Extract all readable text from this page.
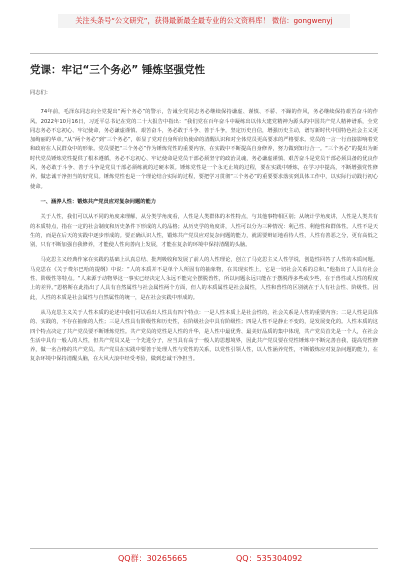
关注头条号“公文研究”，获得最新最全最专业的公文资料库！ 微信：gongwenyj
党课：牢记“三个务必” 锤炼坚强党性

同志们：

74年前，毛泽东同志向全党提出“两个务必”的警示，告诫全党同志务必继续保持谦虚、谨慎、不骄、不躁的作风，务必继续保持艰苦奋斗的作风。2022年10月16日，习近平总书记在党的二十大报告中指出：“我们党在百年奋斗中凝练出以伟大建党精神为源头的中国共产党人精神谱系，全党同志务必不忘初心、牢记使命，务必谦虚谨慎、艰苦奋斗，务必敢于斗争、善于斗争，坚定历史自信，增强历史主动，谱写新时代中国特色社会主义更加绚丽的华章。”从“两个务必”到“三个务必”，彰显了党对自身所肩负使命的清醒认识和对全体党员更高要求的严格要求。党员的一言一行直接影响着党和政府在人民群众中的形象。党员要把“三个务必”作为锤炼党性的重要内容，在实践中不断提高自身修养，努力做到知行合一。“三个务必”的提出为新时代党员锤炼党性提供了根本遵循，务必不忘初心、牢记使命是党员干部必须坚守的政治灵魂，务必谦虚谨慎、艰苦奋斗是党员干部必须具备的优良作风，务必敢于斗争、善于斗争是党员干部必须练就的过硬本领。锤炼党性是一个永无止境的过程，要在实践中锤炼，在学习中提高，不断增强党性修养，做忠诚干净担当的好党员。锤炼党性也是一个理论结合实际的过程，要把学习贯彻“三个务必”的重要要求落实到具体工作中，以实际行动践行初心使命。

一、涵养人性：锻炼共产党员应对复杂问题的能力

关于人性，我们可以从不同的角度来理解，从分类学角度看，人性是人类群体的本性特点，与其他事物相区别；从统计学角度讲，人性是人类共有的本质特点，指在一定的社会制度和历史条件下形成的人的品格；从历史学的角度讲，人性可以分为三种情况：利己性、利他性和群体性。人性不是天生的，而是在后天的实践中逐步形成的。要正确认识人性，锻炼共产党员应对复杂问题的能力，就需要辩证地看待人性，人性有善恶之分，更有高低之别，只有不断加强自我修养，才能使人性向善向上发展，才能在复杂的环境中保持清醒的头脑。

马克思主义经典作家在实践的基础上认真总结、批判吸收和发展了前人的人性理论，创立了马克思主义人性学说，创造性回答了人性的本质问题。马克思在《关于费尔巴哈的提纲》中说：“人的本质并不是单个人所固有的抽象物，在其现实性上，它是一切社会关系的总和。”他指出了人具有社会性、阶级性等特点。“人来源于动物界这一事实已经决定人永远不能完全摆脱兽性，所以问题永远只能在于摆脱得多些或少些，在于兽性或人性的程度上的差异。”恩格斯在此指出了人具有自然属性与社会属性两个方面，但人的本质属性是社会属性，人性和兽性的区别就在于人有社会性、阶级性。因此，人性的本质是社会属性与自然属性的统一，是在社会实践中形成的。

从马克思主义关于人性本质的论述中我们可以看出人性具有四个特点：一是人性本质上是社会性的，社会关系是人性的重要内容；二是人性是具体的、实践的，不存在抽象的人性；三是人性具有阶级性和历史性，在阶级社会中具有阶级性；四是人性不是静止不变的，是发展变化的。人性本质的这四个特点决定了共产党员要不断锤炼党性。共产党员的党性是人性的升华，是人性中最优秀、最美好品质的集中体现，共产党员首先是一个人，在社会生活中具有一般人的人性，但共产党员又是一个先进分子，应当具有高于一般人的思想境界，因此共产党员要在党性锤炼中不断完善自我，提高党性修养，做一名合格的共产党员。共产党员在实践中要善于处理人性与党性的关系，以党性引领人性，以人性涵养党性，不断锻炼应对复杂问题的能力，在复杂环境中保持清醒头脑，在大风大浪中经受考验，做到忠诚干净担当。

QQ群：30265665	QQ：535304092
